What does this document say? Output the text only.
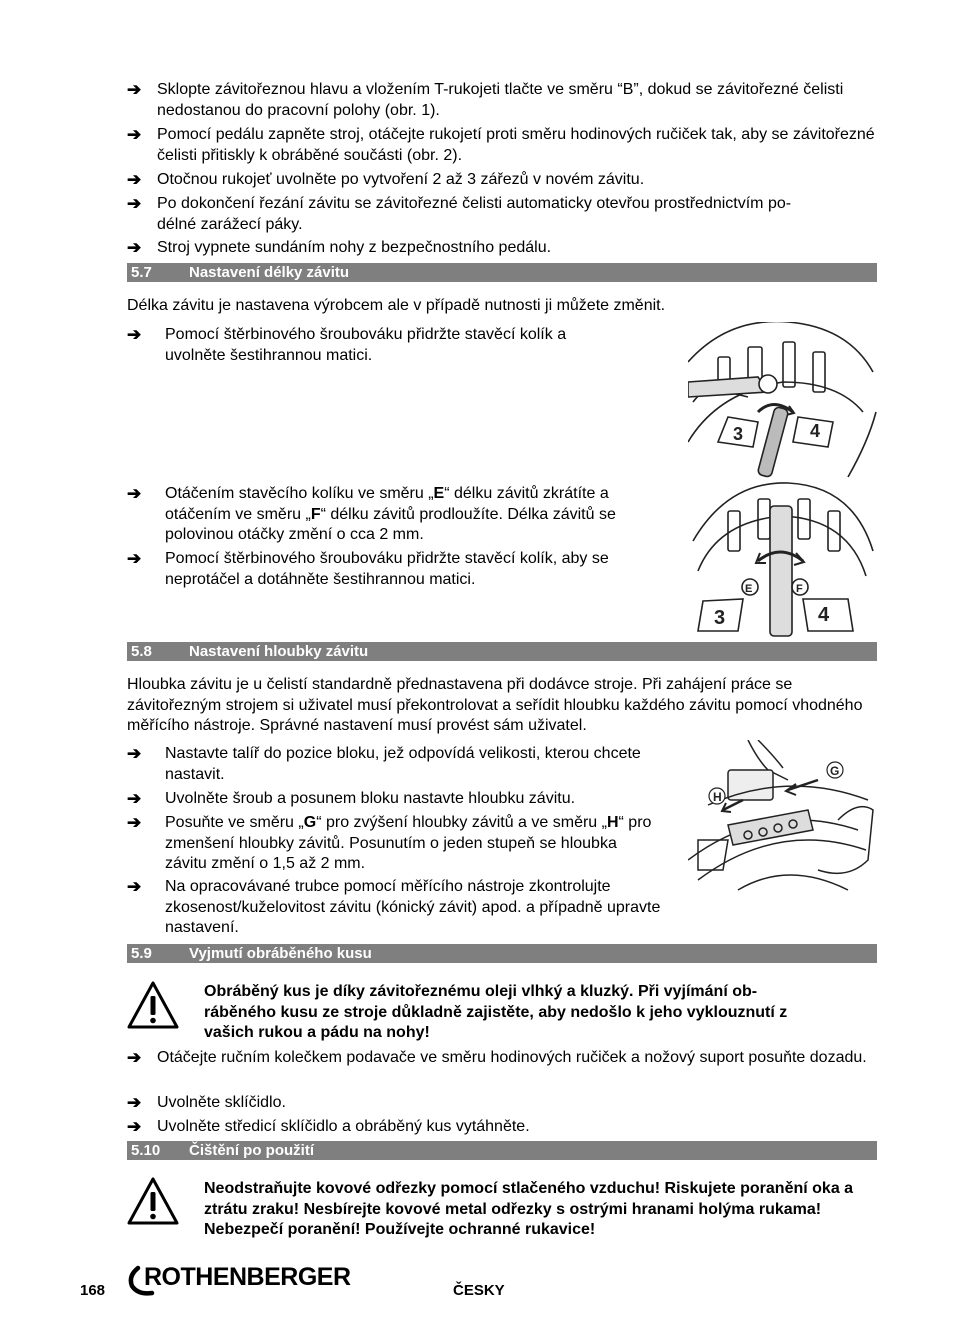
➔ Sklopte závitořeznou hlavu a vložením T-rukojeti tlačte ve směru “B”, dokud se závitořezné čelisti nedostanou do pracovní polohy (obr. 1).
➔ Pomocí pedálu zapněte stroj, otáčejte rukojetí proti směru hodinových ručiček tak, aby se závitořezné čelisti přitiskly k obráběné součásti (obr. 2).
➔ Otočnou rukojeť uvolněte po vytvoření 2 až 3 zářezů v novém závitu.
➔ Po dokončení řezání závitu se závitořezné čelisti automaticky otevřou prostřednictvím po-
délné zarážecí páky.
➔ Stroj vypnete sundáním nohy z bezpečnostního pedálu.
5.7 Nastavení délky závitu
Délka závitu je nastavena výrobcem ale v případě nutnosti ji můžete změnit.
➔	Pomocí štěrbinového šroubováku přidržte stavěcí kolík a uvolněte šestihrannou matici.
➔	Otáčením stavěcího kolíku ve směru „E“ délku závitů zkrátíte a otáčením ve směru „F“ délku závitů prodloužíte. Délka závitů se polovinou otáčky změní o cca 2 mm.
➔	Pomocí štěrbinového šroubováku přidržte stavěcí kolík, aby se neprotáčel a dotáhněte šestihrannou matici.
3	4
E	F
3	4
5.8 Nastavení hloubky závitu
Hloubka závitu je u čelistí standardně přednastavena při dodávce stroje. Při zahájení práce se závitořezným strojem si uživatel musí překontrolovat a seřídit hloubku každého závitu pomocí vhodného měřícího nástroje. Správné nastavení musí provést sám uživatel.
➔	Nastavte talíř do pozice bloku, jež odpovídá velikosti, kterou chcete nastavit.
➔	Uvolněte šroub a posunem bloku nastavte hloubku závitu.
➔	Posuňte ve směru „G“ pro zvýšení hloubky závitů a ve směru „H“ pro zmenšení hloubky závitů. Posunutím o jeden stupeň se hloubka závitu změní o 1,5 až 2 mm.
➔	Na opracovávané trubce pomocí měřícího nástroje zkontrolujte zkosenost/kuželovitost závitu (kónický závit) apod. a případně upravte nastavení.
H
G
5.9 Vyjmutí obráběného kusu
Obráběný kus je díky závitořeznému oleji vlhký a kluzký. Při vyjímání ob-
ráběného kusu ze stroje důkladně zajistěte, aby nedošlo k jeho vyklouznutí z
vašich rukou a pádu na nohy!
➔ Otáčejte ručním kolečkem podavače ve směru hodinových ručiček a nožový suport posuňte dozadu.
➔ Uvolněte sklíčidlo.
➔ Uvolněte středicí sklíčidlo a obráběný kus vytáhněte.
5.10 Čištění po použití
Neodstraňujte kovové odřezky pomocí stlačeného vzduchu! Riskujete poranění oka a ztrátu zraku! Nesbírejte kovové metal odřezky s ostrými hranami holýma rukama! Nebezpečí poranění! Používejte ochranné rukavice!
168 ROTHENBERGER	ČESKY
